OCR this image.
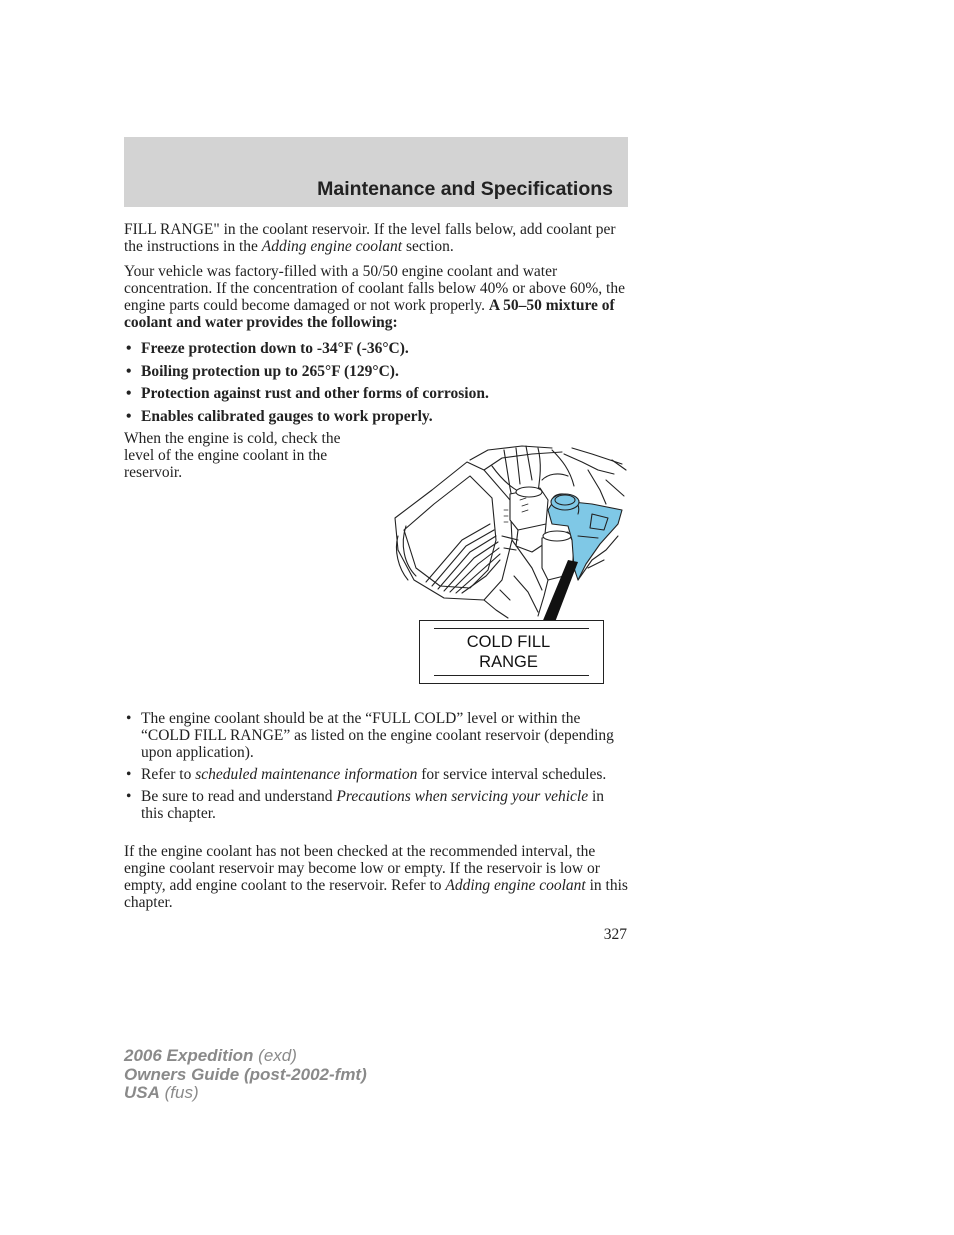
Maintenance and Specifications

FILL RANGE" in the coolant reservoir. If the level falls below, add coolant per the instructions in the Adding engine coolant section.

Your vehicle was factory-filled with a 50/50 engine coolant and water concentration. If the concentration of coolant falls below 40% or above 60%, the engine parts could become damaged or not work properly. A 50–50 mixture of coolant and water provides the following:

• Freeze protection down to -34°F (-36°C).
• Boiling protection up to 265°F (129°C).
• Protection against rust and other forms of corrosion.
• Enables calibrated gauges to work properly.

When the engine is cold, check the level of the engine coolant in the reservoir.

COLD FILL
RANGE
• The engine coolant should be at the “FULL COLD” level or within the “COLD FILL RANGE” as listed on the engine coolant reservoir (depending upon application).
• Refer to scheduled maintenance information for service interval schedules.
• Be sure to read and understand Precautions when servicing your vehicle in this chapter.

If the engine coolant has not been checked at the recommended interval, the engine coolant reservoir may become low or empty. If the reservoir is low or empty, add engine coolant to the reservoir. Refer to Adding engine coolant in this chapter.

327
2006 Expedition (exd)
Owners Guide (post-2002-fmt)
USA (fus)
